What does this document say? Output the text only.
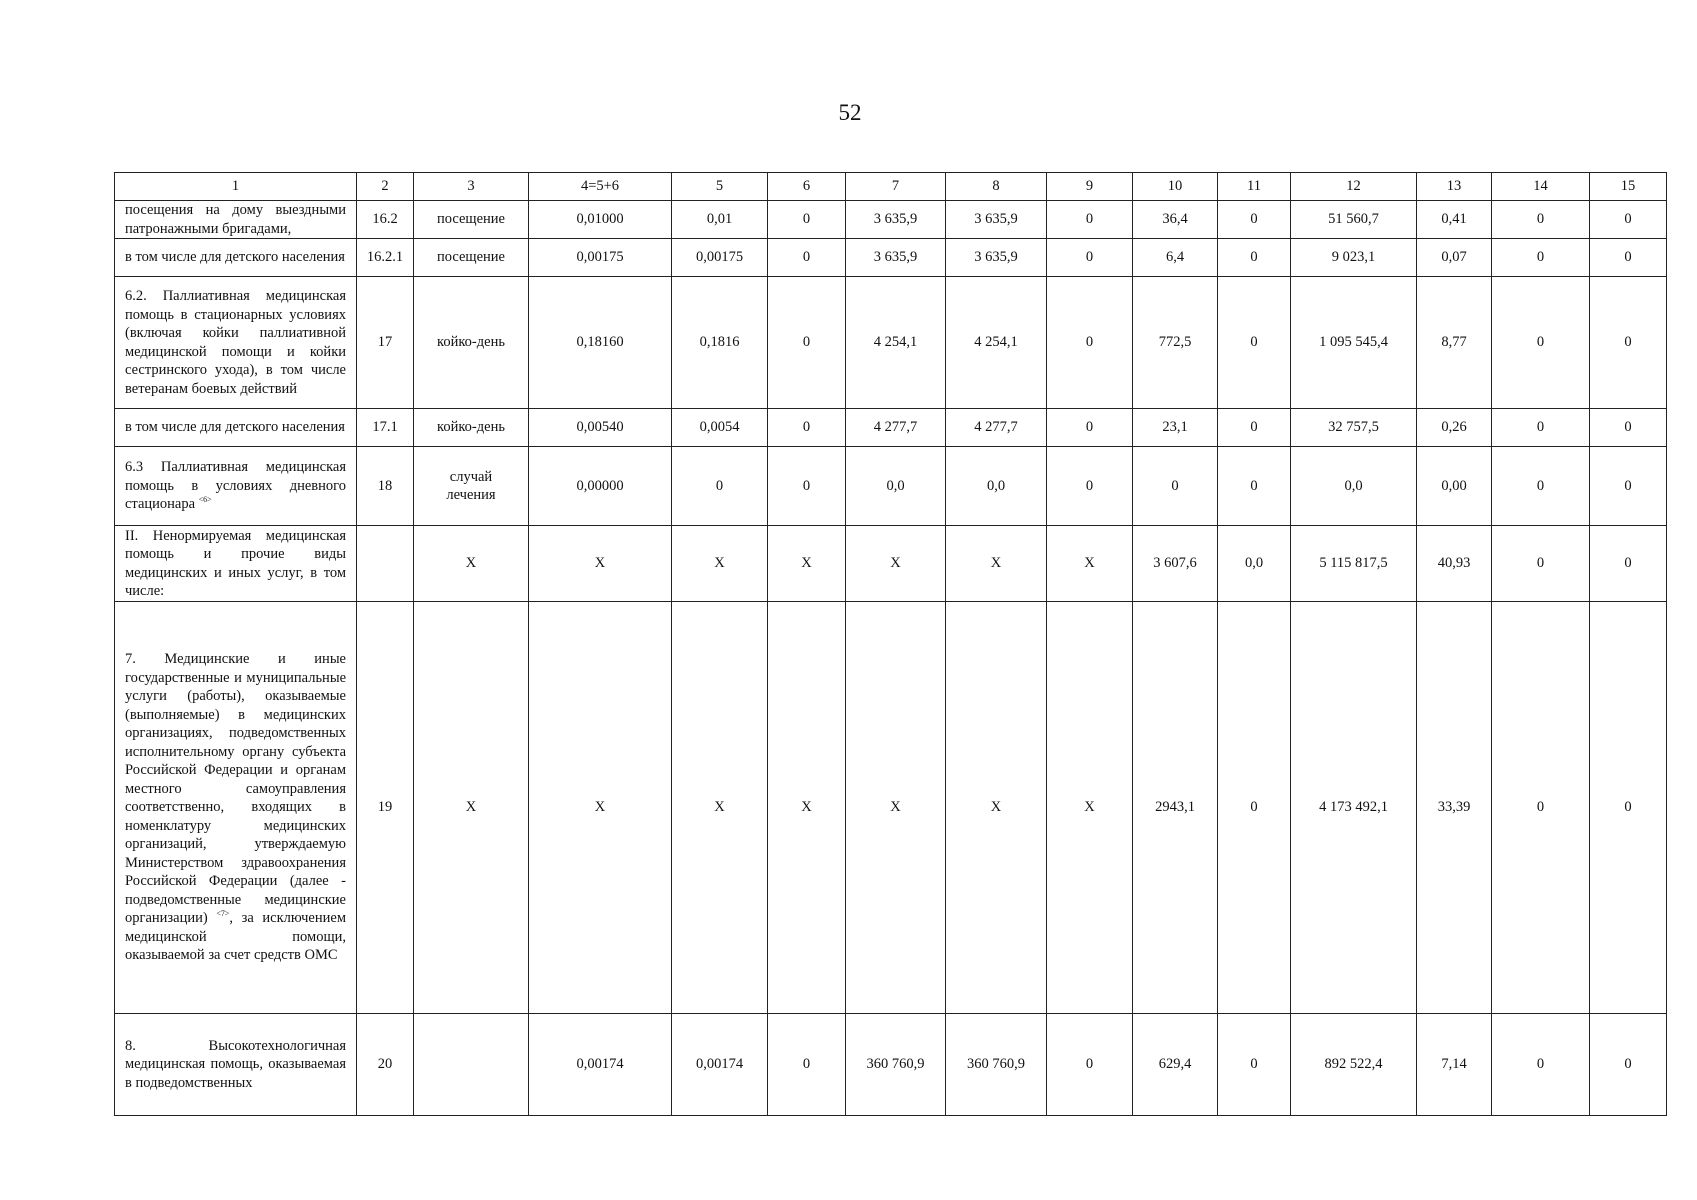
52
1	2	3	4=5+6	5	6	7	8	9	10	11	12	13	14	15
посещения на дому выездными патронажными бригадами,	16.2	посещение	0,01000	0,01	0	3 635,9	3 635,9	0	36,4	0	51 560,7	0,41	0	0
в том числе для детского населения	16.2.1	посещение	0,00175	0,00175	0	3 635,9	3 635,9	0	6,4	0	9 023,1	0,07	0	0
6.2. Паллиативная медицинская помощь в стационарных условиях (включая койки паллиативной медицинской помощи и койки сестринского ухода), в том числе ветеранам боевых действий	17	койко-день	0,18160	0,1816	0	4 254,1	4 254,1	0	772,5	0	1 095 545,4	8,77	0	0
в том числе для детского населения	17.1	койко-день	0,00540	0,0054	0	4 277,7	4 277,7	0	23,1	0	32 757,5	0,26	0	0
6.3 Паллиативная медицинская помощь в условиях дневного стационара $^{<6>}$	18	случай лечения	0,00000	0	0	0,0	0,0	0	0	0	0,0	0,00	0	0
II. Ненормируемая медицинская помощь и прочие виды медицинских и иных услуг, в том числе:		X	X	X	X	X	X	X	3 607,6	0,0	5 115 817,5	40,93	0	0
7. Медицинские и иные государственные и муниципальные услуги (работы), оказываемые (выполняемые) в медицинских организациях, подведомственных исполнительному органу субъекта Российской Федерации и органам местного самоуправления соответственно, входящих в номенклатуру медицинских организаций, утверждаемую Министерством здравоохранения Российской Федерации (далее - подведомственные медицинские организации) $^{<7>}$, за исключением медицинской помощи, оказываемой за счет средств ОМС	19	X	X	X	X	X	X	X	2943,1	0	4 173 492,1	33,39	0	0
8. Высокотехнологичная медицинская помощь, оказываемая в подведомственных	20		0,00174	0,00174	0	360 760,9	360 760,9	0	629,4	0	892 522,4	7,14	0	0
